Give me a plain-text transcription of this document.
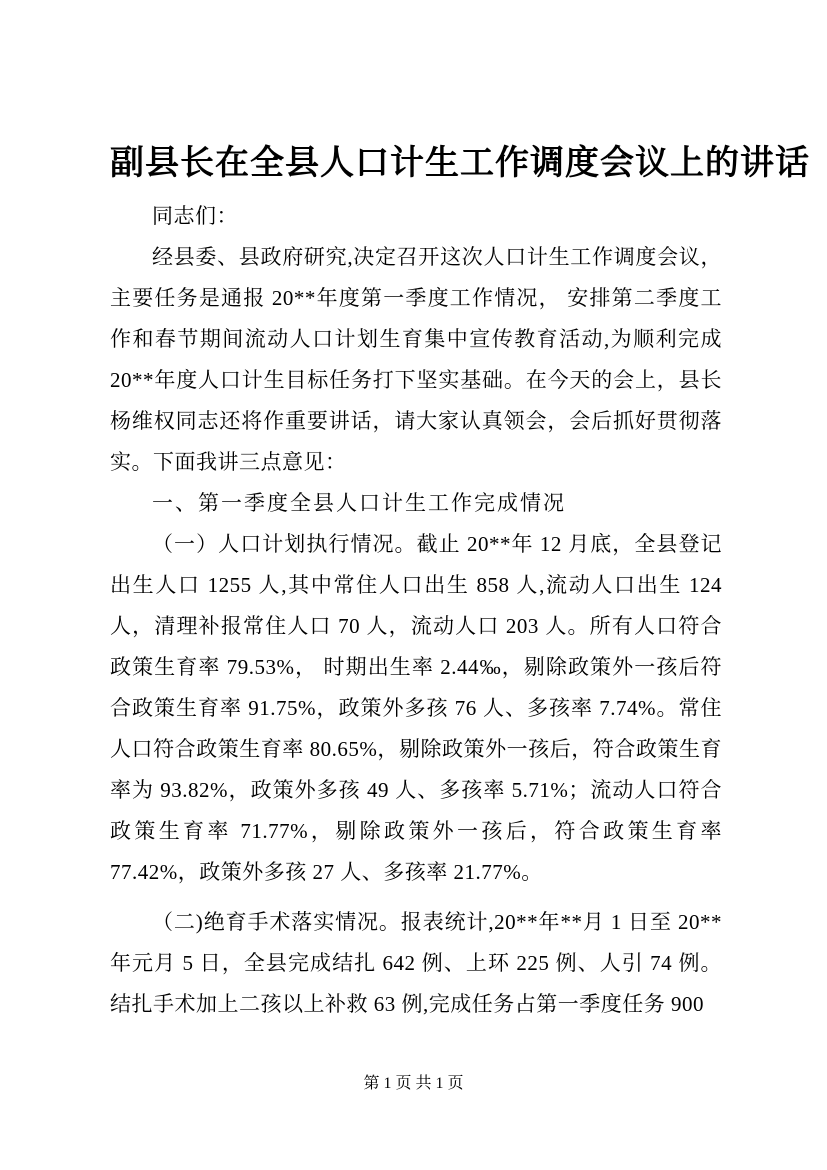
副县长在全县人口计生工作调度会议上的讲话

同志们：

经县委、县政府研究,决定召开这次人口计生工作调度会议，主要任务是通报 20**年度第一季度工作情况， 安排第二季度工作和春节期间流动人口计划生育集中宣传教育活动,为顺利完成 20**年度人口计生目标任务打下坚实基础。在今天的会上，县长杨维权同志还将作重要讲话，请大家认真领会，会后抓好贯彻落实。下面我讲三点意见：

一、第一季度全县人口计生工作完成情况

（一）人口计划执行情况。截止 20**年 12 月底，全县登记出生人口 1255 人,其中常住人口出生 858 人,流动人口出生 124 人，清理补报常住人口 70 人，流动人口 203 人。所有人口符合政策生育率 79.53%， 时期出生率 2.44‰，剔除政策外一孩后符合政策生育率 91.75%，政策外多孩 76 人、多孩率 7.74%。常住人口符合政策生育率 80.65%，剔除政策外一孩后，符合政策生育率为 93.82%，政策外多孩 49 人、多孩率 5.71%；流动人口符合政策生育率 71.77%，剔除政策外一孩后，符合政策生育率 77.42%，政策外多孩 27 人、多孩率 21.77%。

（二)绝育手术落实情况。报表统计,20**年**月 1 日至 20**年元月 5 日，全县完成结扎 642 例、上环 225 例、人引 74 例。结扎手术加上二孩以上补救 63 例,完成任务占第一季度任务 900

第 1 页 共 1 页
